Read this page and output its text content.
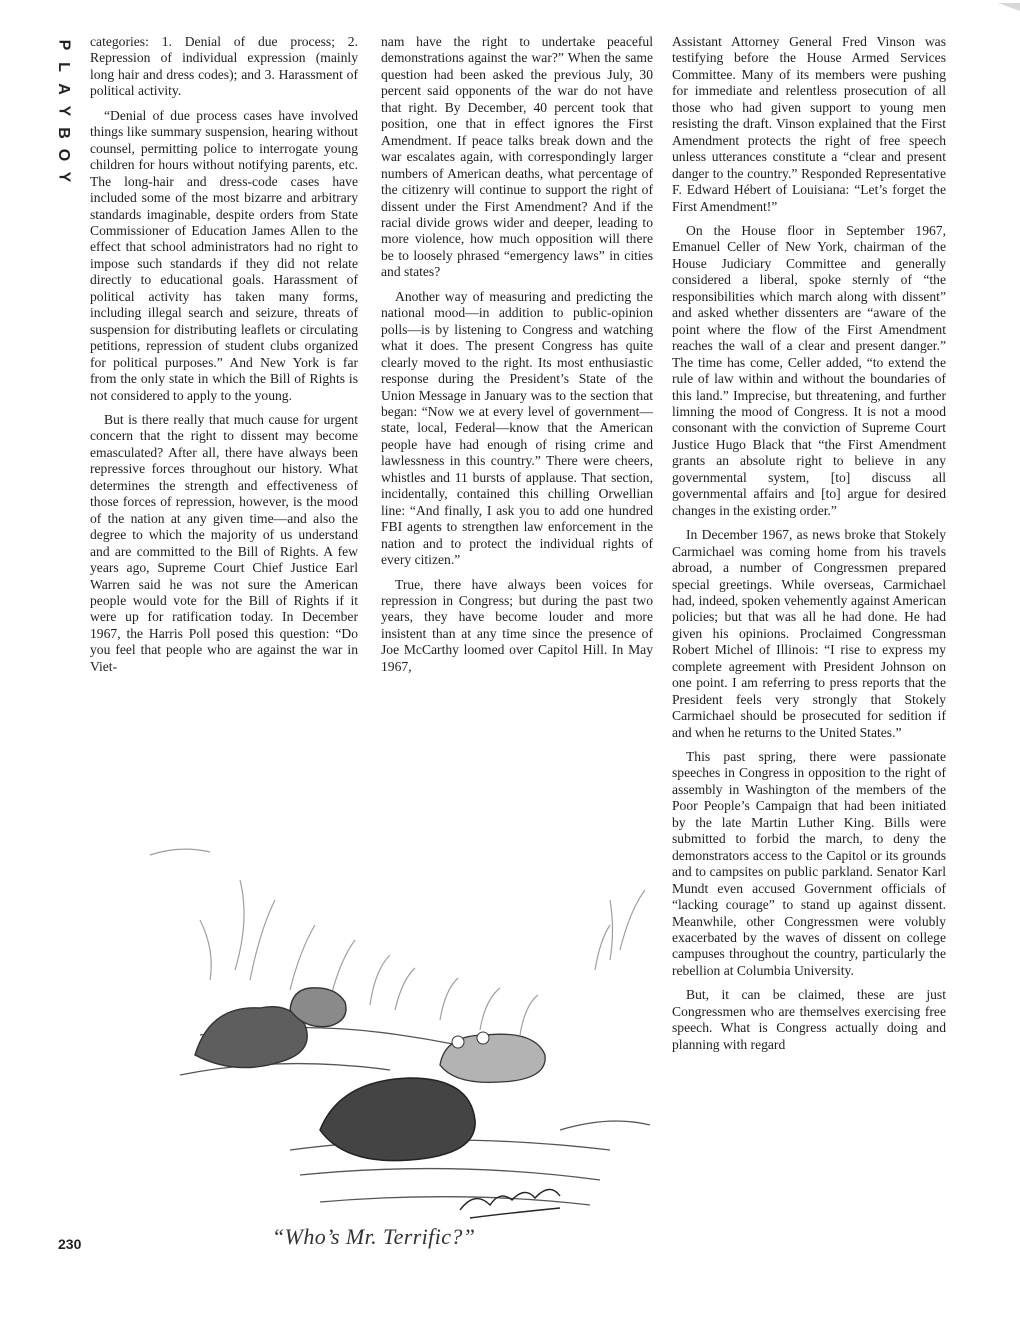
P
L
A
Y
B
O
Y

categories: 1. Denial of due process; 2. Repression of individual expression (mainly long hair and dress codes); and 3. Harassment of political activity.

“Denial of due process cases have involved things like summary suspension, hearing without counsel, permitting police to interrogate young children for hours without notifying parents, etc. The long-hair and dress-code cases have included some of the most bizarre and arbitrary standards imaginable, despite orders from State Commissioner of Education James Allen to the effect that school administrators had no right to impose such standards if they did not relate directly to educational goals. Harassment of political activity has taken many forms, including illegal search and seizure, threats of suspension for distributing leaflets or circulating petitions, repression of student clubs organized for political purposes.” And New York is far from the only state in which the Bill of Rights is not considered to apply to the young.

But is there really that much cause for urgent concern that the right to dissent may become emasculated? After all, there have always been repressive forces throughout our history. What determines the strength and effectiveness of those forces of repression, however, is the mood of the nation at any given time—and also the degree to which the majority of us understand and are committed to the Bill of Rights. A few years ago, Supreme Court Chief Justice Earl Warren said he was not sure the American people would vote for the Bill of Rights if it were up for ratification today. In December 1967, the Harris Poll posed this question: “Do you feel that people who are against the war in Viet-

nam have the right to undertake peaceful demonstrations against the war?” When the same question had been asked the previous July, 30 percent said opponents of the war do not have that right. By December, 40 percent took that position, one that in effect ignores the First Amendment. If peace talks break down and the war escalates again, with correspondingly larger numbers of American deaths, what percentage of the citizenry will continue to support the right of dissent under the First Amendment? And if the racial divide grows wider and deeper, leading to more violence, how much opposition will there be to loosely phrased “emergency laws” in cities and states?

Another way of measuring and predicting the national mood—in addition to public-opinion polls—is by listening to Congress and watching what it does. The present Congress has quite clearly moved to the right. Its most enthusiastic response during the President’s State of the Union Message in January was to the section that began: “Now we at every level of government—state, local, Federal—know that the American people have had enough of rising crime and lawlessness in this country.” There were cheers, whistles and 11 bursts of applause. That section, incidentally, contained this chilling Orwellian line: “And finally, I ask you to add one hundred FBI agents to strengthen law enforcement in the nation and to protect the individual rights of every citizen.”

True, there have always been voices for repression in Congress; but during the past two years, they have become louder and more insistent than at any time since the presence of Joe McCarthy loomed over Capitol Hill. In May 1967,

Assistant Attorney General Fred Vinson was testifying before the House Armed Services Committee. Many of its members were pushing for immediate and relentless prosecution of all those who had given support to young men resisting the draft. Vinson explained that the First Amendment protects the right of free speech unless utterances constitute a “clear and present danger to the country.” Responded Representative F. Edward Hébert of Louisiana: “Let’s forget the First Amendment!”

On the House floor in September 1967, Emanuel Celler of New York, chairman of the House Judiciary Committee and generally considered a liberal, spoke sternly of “the responsibilities which march along with dissent” and asked whether dissenters are “aware of the point where the flow of the First Amendment reaches the wall of a clear and present danger.” The time has come, Celler added, “to extend the rule of law within and without the boundaries of this land.” Imprecise, but threatening, and further limning the mood of Congress. It is not a mood consonant with the conviction of Supreme Court Justice Hugo Black that “the First Amendment grants an absolute right to believe in any governmental system, [to] discuss all governmental affairs and [to] argue for desired changes in the existing order.”

In December 1967, as news broke that Stokely Carmichael was coming home from his travels abroad, a number of Congressmen prepared special greetings. While overseas, Carmichael had, indeed, spoken vehemently against American policies; but that was all he had done. He had given his opinions. Proclaimed Congressman Robert Michel of Illinois: “I rise to express my complete agreement with President Johnson on one point. I am referring to press reports that the President feels very strongly that Stokely Carmichael should be prosecuted for sedition if and when he returns to the United States.”

This past spring, there were passionate speeches in Congress in opposition to the right of assembly in Washington of the members of the Poor People’s Campaign that had been initiated by the late Martin Luther King. Bills were submitted to forbid the march, to deny the demonstrators access to the Capitol or its grounds and to campsites on public parkland. Senator Karl Mundt even accused Government officials of “lacking courage” to stand up against dissent. Meanwhile, other Congressmen were volubly exacerbated by the waves of dissent on college campuses throughout the country, particularly the rebellion at Columbia University.

But, it can be claimed, these are just Congressmen who are themselves exercising free speech. What is Congress actually doing and planning with regard

“Who’s Mr. Terrific?”
230
